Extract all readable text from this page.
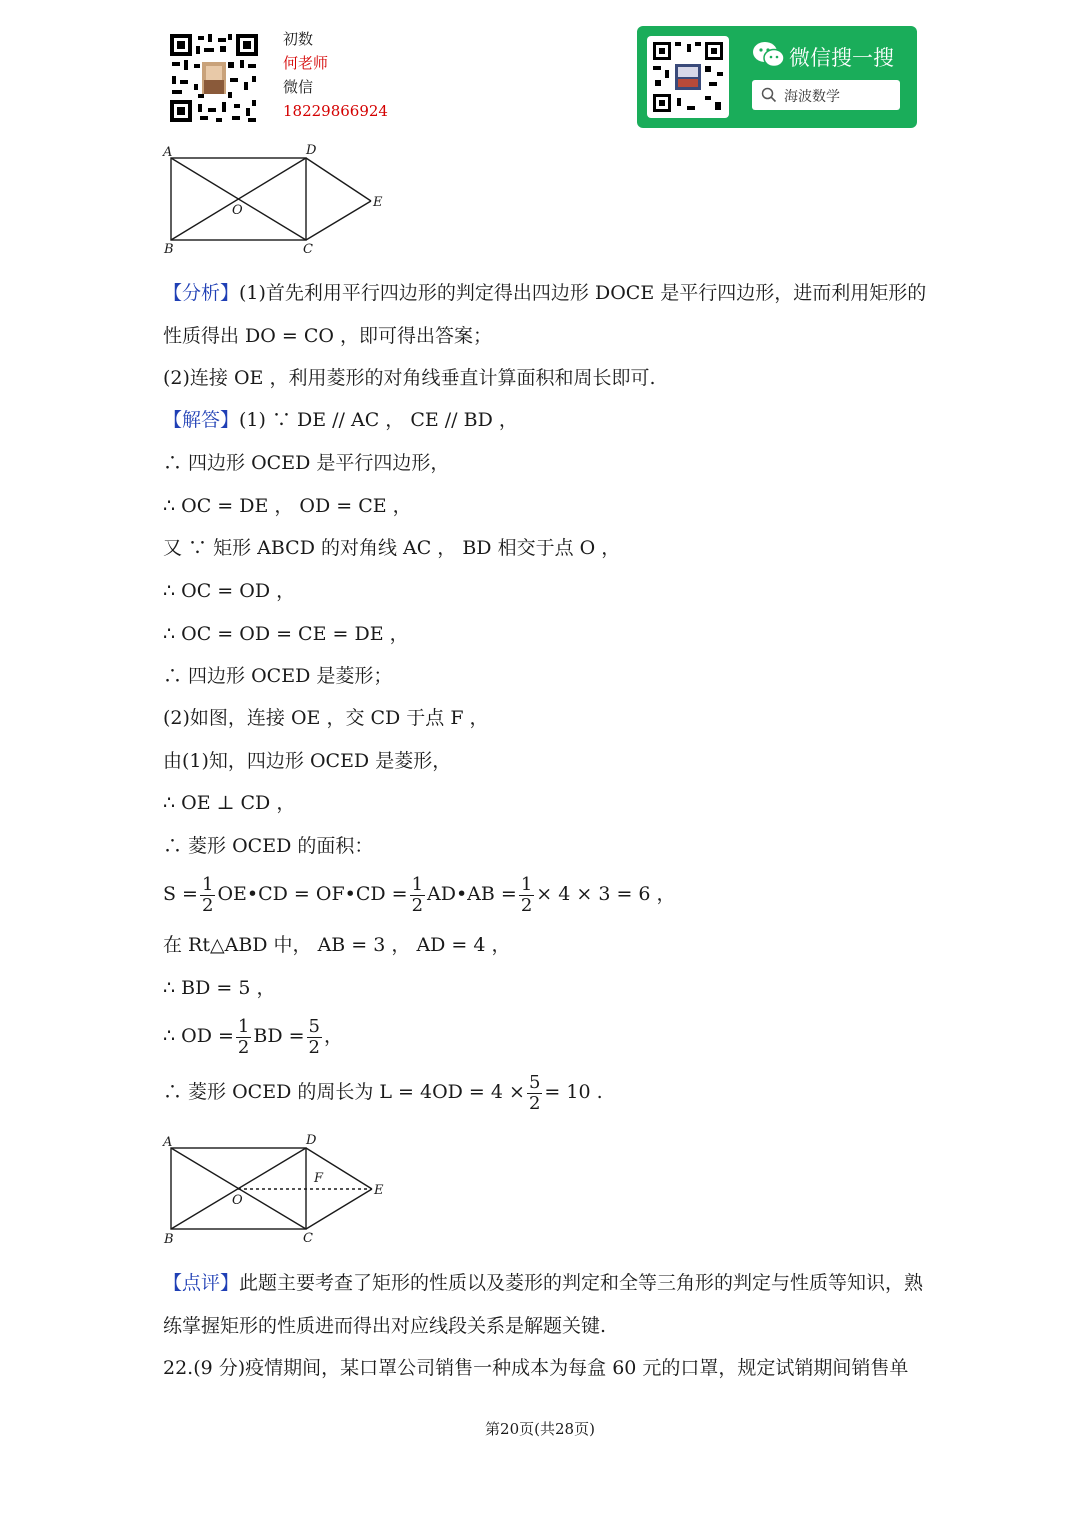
初数
何老师
微信
18229866924
微信搜一搜
海波数学
A	D
B	C
E
O
【分析】(1)首先利用平行四边形的判定得出四边形 DOCE 是平行四边形，进而利用矩形的
性质得出 DO = CO ，即可得出答案；
(2)连接 OE ，利用菱形的对角线垂直计算面积和周长即可.
【解答】(1) ∵ DE // AC ， CE // BD ，
∴ 四边形 OCED 是平行四边形，
∴ OC = DE ， OD = CE ，
又 ∵ 矩形 ABCD 的对角线 AC ， BD 相交于点 O ，
∴ OC = OD ，
∴ OC = OD = CE = DE ，
∴ 四边形 OCED 是菱形；
(2)如图，连接 OE ，交 CD 于点 F ，
由(1)知，四边形 OCED 是菱形，
∴ OE ⊥ CD ，
∴ 菱形 OCED 的面积：
$S = \frac{1}{2}$ OE•CD = OF•CD = $\frac{1}{2}$ AD•AB = $\frac{1}{2} \times 4 \times 3 = 6$ ，
在 Rt△ABD 中， AB = 3 ， AD = 4 ，
∴ BD = 5 ，
∴ OD = $\frac{1}{2}$ BD = $\frac{5}{2}$ ，
∴ 菱形 OCED 的周长为 $L = 4OD = 4 \times \frac{5}{2} = 10$ .
A	D
B	C
E
O
F
【点评】此题主要考查了矩形的性质以及菱形的判定和全等三角形的判定与性质等知识，熟
练掌握矩形的性质进而得出对应线段关系是解题关键.
22.(9 分)疫情期间，某口罩公司销售一种成本为每盒 60 元的口罩，规定试销期间销售单
第20页(共28页)
